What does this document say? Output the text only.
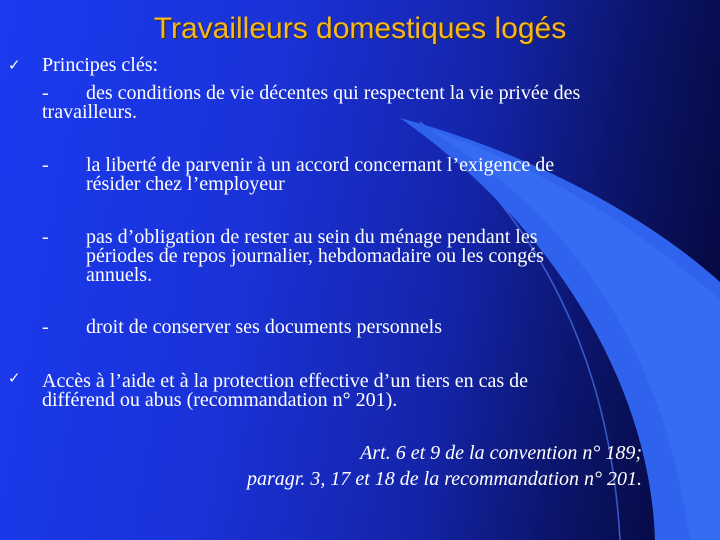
Travailleurs domestiques logés
✓ Principes clés:
- des conditions de vie décentes qui respectent la vie privée des
travailleurs.
- la liberté de parvenir à un accord concernant l’exigence de
résider chez l’employeur
- pas d’obligation de rester au sein du ménage pendant les
périodes de repos journalier, hebdomadaire ou les congés
annuels.
- droit de conserver ses documents personnels
✓ Accès à l’aide et à la protection effective d’un tiers en cas de
différend ou abus (recommandation n° 201).
Art. 6 et 9 de la convention n° 189;
paragr. 3, 17 et 18 de la recommandation n° 201.
